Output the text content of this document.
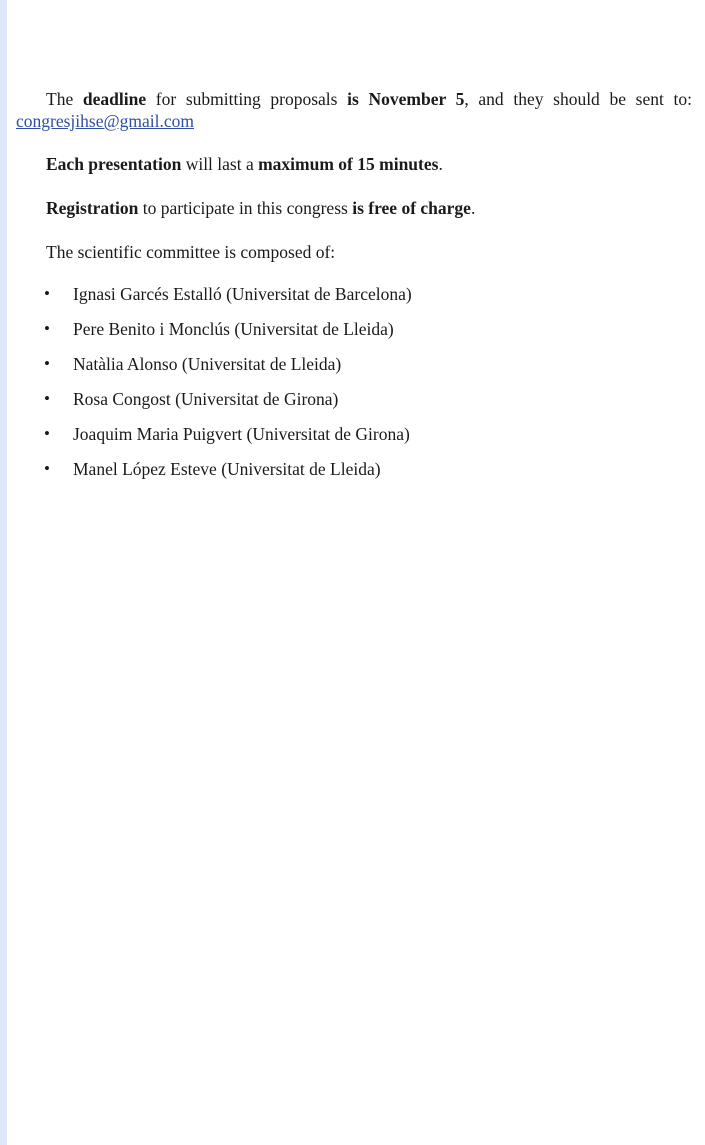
The deadline for submitting proposals is November 5, and they should be sent to: congresjihse@gmail.com

Each presentation will last a maximum of 15 minutes.

Registration to participate in this congress is free of charge.

The scientific committee is composed of:

• Ignasi Garcés Estalló (Universitat de Barcelona)
• Pere Benito i Monclús (Universitat de Lleida)
• Natàlia Alonso (Universitat de Lleida)
• Rosa Congost (Universitat de Girona)
• Joaquim Maria Puigvert (Universitat de Girona)
• Manel López Esteve (Universitat de Lleida)
